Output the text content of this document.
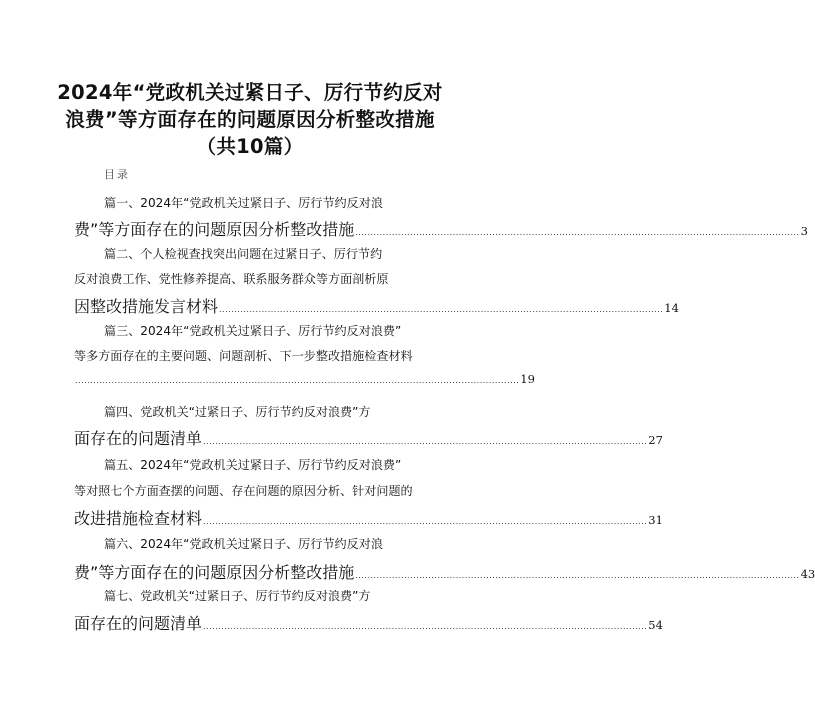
2024年“党政机关过紧日子、厉行节约反对
浪费”等方面存在的问题原因分析整改措施
（共10篇）
目录
篇一、2024年“党政机关过紧日子、厉行节约反对浪
费”等方面存在的问题原因分析整改措施 .................................................................................................................................................. 3
篇二、个人检视查找突出问题在过紧日子、厉行节约
反对浪费工作、党性修养提高、联系服务群众等方面剖析原
因整改措施发言材料 .................................................................................................................................................. 14
篇三、2024年“党政机关过紧日子、厉行节约反对浪费”
等多方面存在的主要问题、问题剖析、下一步整改措施检查材料
.................................................................................................................................................. 19
篇四、党政机关“过紧日子、厉行节约反对浪费”方
面存在的问题清单 .................................................................................................................................................. 27
篇五、2024年“党政机关过紧日子、厉行节约反对浪费”
等对照七个方面查摆的问题、存在问题的原因分析、针对问题的
改进措施检查材料 .................................................................................................................................................. 31
篇六、2024年“党政机关过紧日子、厉行节约反对浪
费”等方面存在的问题原因分析整改措施 .................................................................................................................................................. 43
篇七、党政机关“过紧日子、厉行节约反对浪费”方
面存在的问题清单 .................................................................................................................................................. 54
